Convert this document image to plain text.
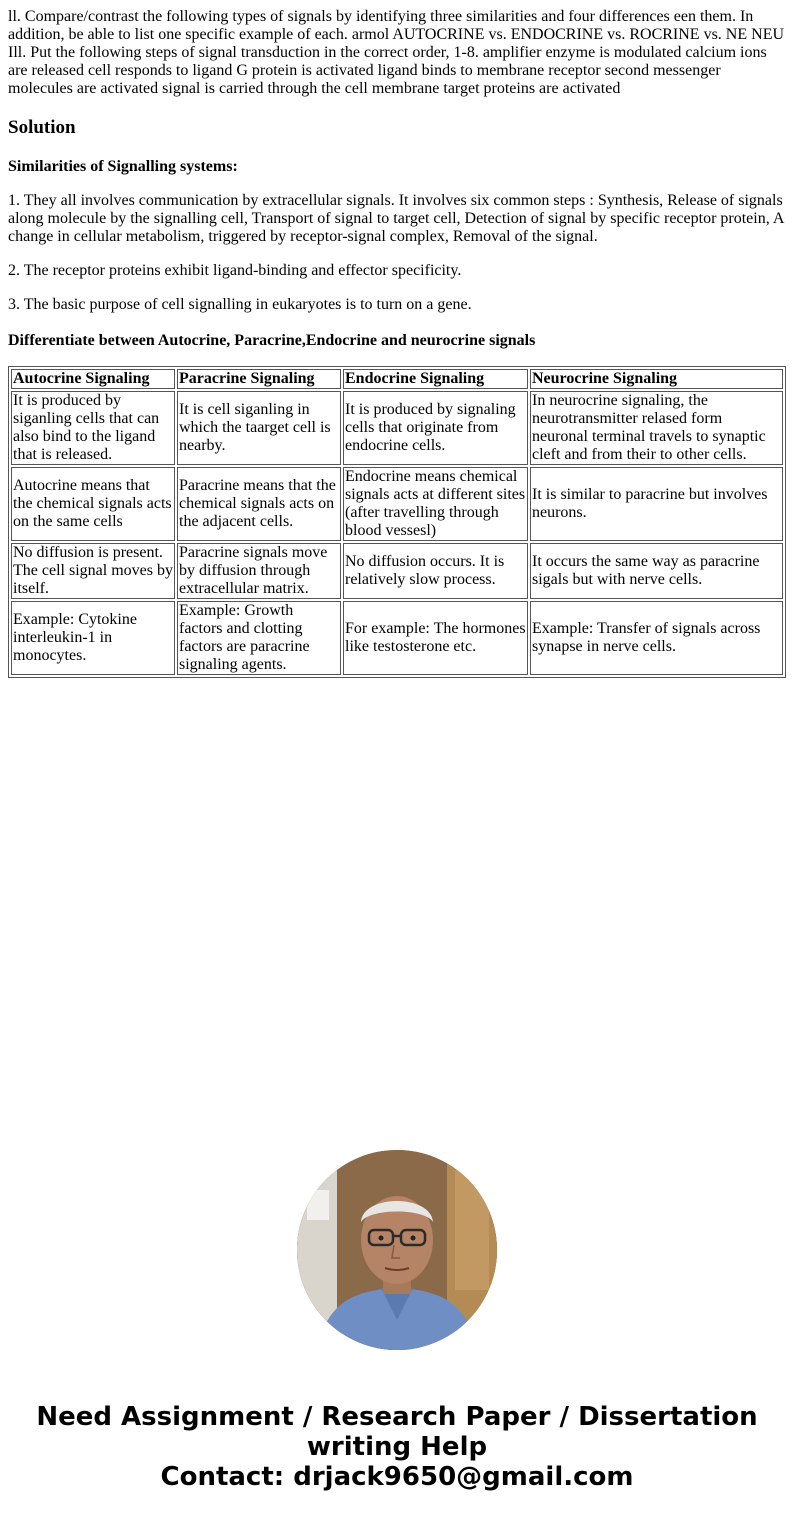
ll. Compare/contrast the following types of signals by identifying three similarities and four differences een them. In addition, be able to list one specific example of each. armol AUTOCRINE vs. ENDOCRINE vs. ROCRINE vs. NE NEU Ill. Put the following steps of signal transduction in the correct order, 1-8. amplifier enzyme is modulated calcium ions are released cell responds to ligand G protein is activated ligand binds to membrane receptor second messenger molecules are activated signal is carried through the cell membrane target proteins are activated
Solution

Similarities of Signalling systems:

1. They all involves communication by extracellular signals. It involves six common steps : Synthesis, Release of signals along molecule by the signalling cell, Transport of signal to target cell, Detection of signal by specific receptor protein, A change in cellular metabolism, triggered by receptor-signal complex, Removal of the signal.

2. The receptor proteins exhibit ligand-binding and effector specificity.

3. The basic purpose of cell signalling in eukaryotes is to turn on a gene.

Differentiate between Autocrine, Paracrine,Endocrine and neurocrine signals

Autocrine Signaling	Paracrine Signaling	Endocrine Signaling	Neurocrine Signaling
It is produced by siganling cells that can also bind to the ligand that is released.	It is cell siganling in which the taarget cell is nearby.	It is produced by signaling cells that originate from endocrine cells.	In neurocrine signaling, the neurotransmitter relased form neuronal terminal travels to synaptic cleft and from their to other cells.
Autocrine means that the chemical signals acts on the same cells	Paracrine means that the chemical signals acts on the adjacent cells.	Endocrine means chemical signals acts at different sites (after travelling through blood vessesl)	It is similar to paracrine but involves neurons.
No diffusion is present. The cell signal moves by itself.	Paracrine signals move by diffusion through extracellular matrix.	No diffusion occurs. It is relatively slow process.	It occurs the same way as paracrine sigals but with nerve cells.
Example: Cytokine interleukin-1 in monocytes.	Example: Growth factors and clotting factors are paracrine signaling agents.	For example: The hormones like testosterone etc.	Example: Transfer of signals across synapse in nerve cells.
Need Assignment / Research Paper / Dissertation
writing Help
Contact: drjack9650@gmail.com
